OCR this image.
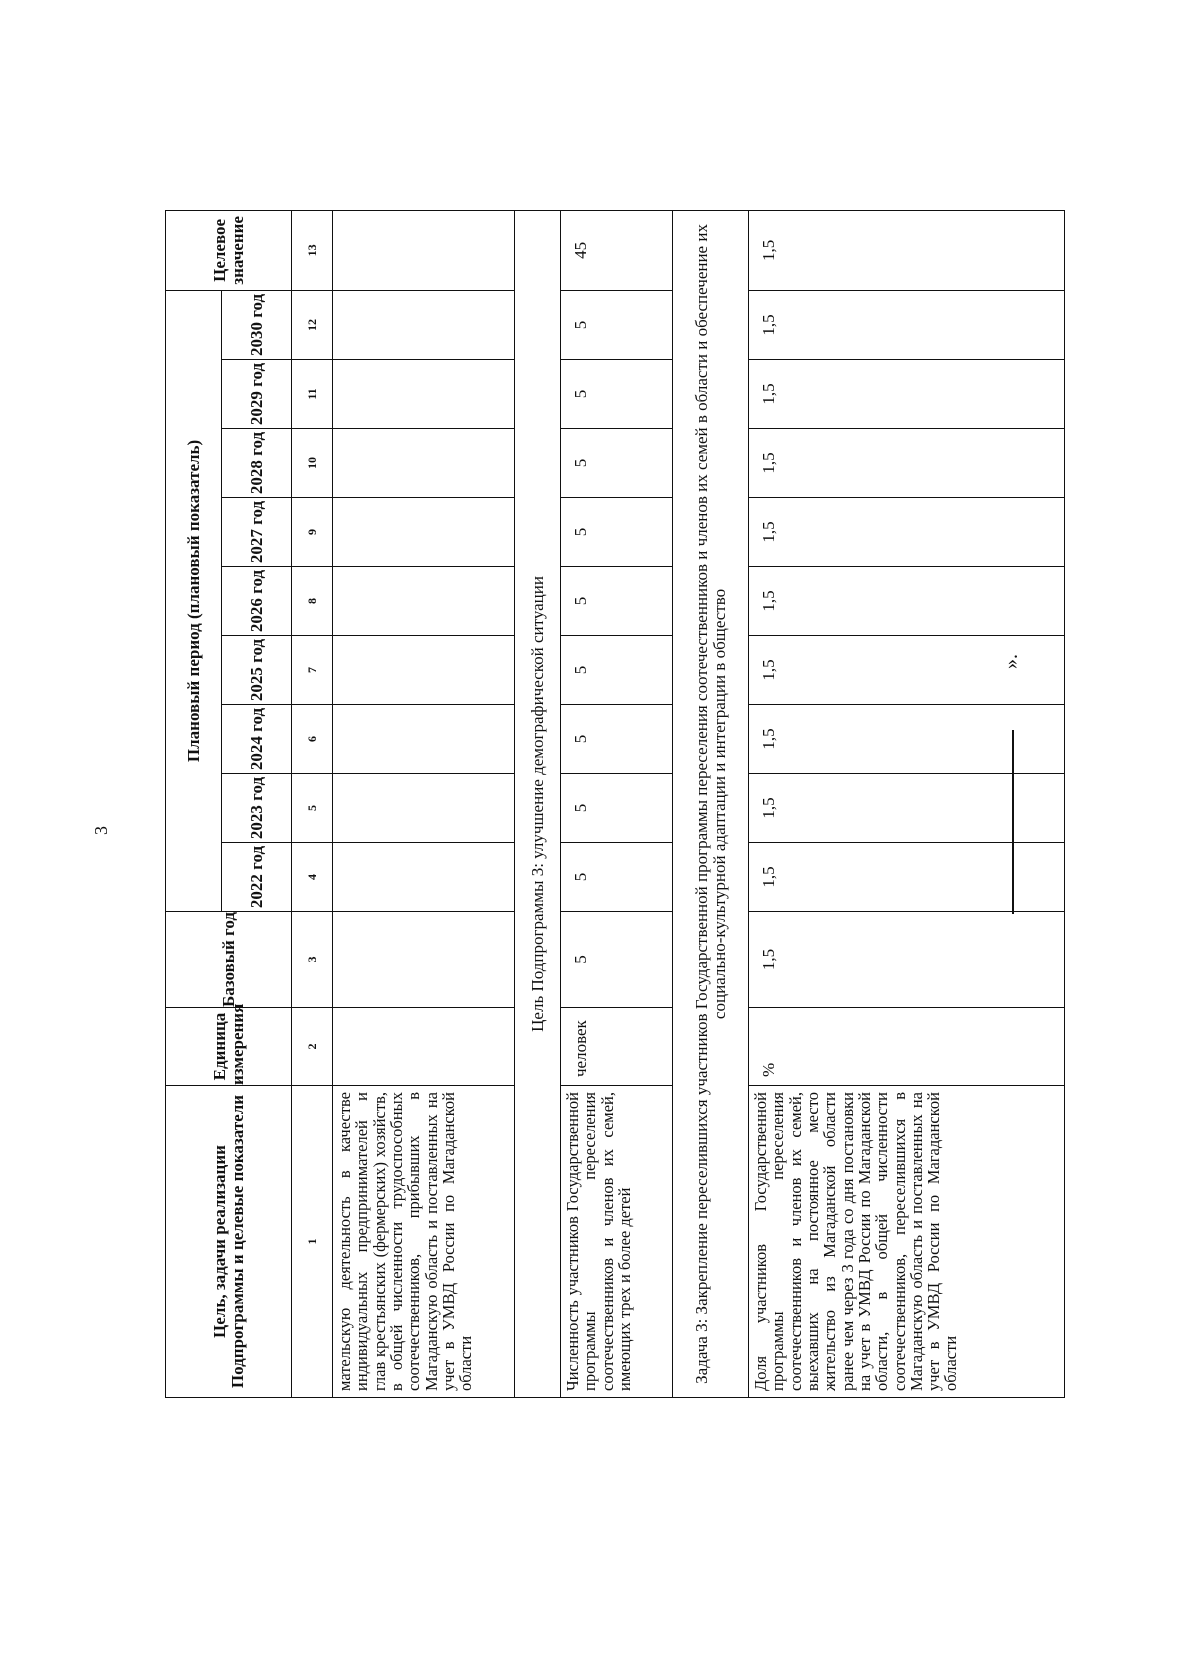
3
Цель, задачи реализации Подпрограммы и целевые показатели	Единица измерения	Базовый год	Плановый период (плановый показатель)									Целевое значение
			2022 год	2023 год	2024 год	2025 год	2026 год	2027 год	2028 год	2029 год	2030 год	
1	2	3	4	5	6	7	8	9	10	11	12	13
мательскую деятельность в качестве индивидуальных предпринимателей и глав крестьянских (фермерских) хозяйств, в общей численности трудоспособных соотечественников, прибывших в Магаданскую область и поставленных на учет в УМВД России по Магаданской области												
Цель Подпрограммы 3: улучшение демографической ситуации												
Численность участников Государственной программы переселения соотечественников и членов их семей, имеющих трех и более детей	человек	5	5	5	5	5	5	5	5	5	5	45
Задача 3: Закрепление переселившихся участников Государственной программы переселения соотечественников и членов их семей в области и обеспечение их социально-культурной адаптации и интеграции в общество												
Доля участников Государственной программы переселения соотечественников и членов их семей, выехавших на постоянное место жительство из Магаданской области ранее чем через 3 года со дня постановки на учет в УМВД России по Магаданской области, в общей численности соотечественников, переселившихся в Магаданскую область и поставленных на учет в УМВД России по Магаданской области	%	1,5	1,5	1,5	1,5	1,5	1,5	1,5	1,5	1,5	1,5	1,5
».
